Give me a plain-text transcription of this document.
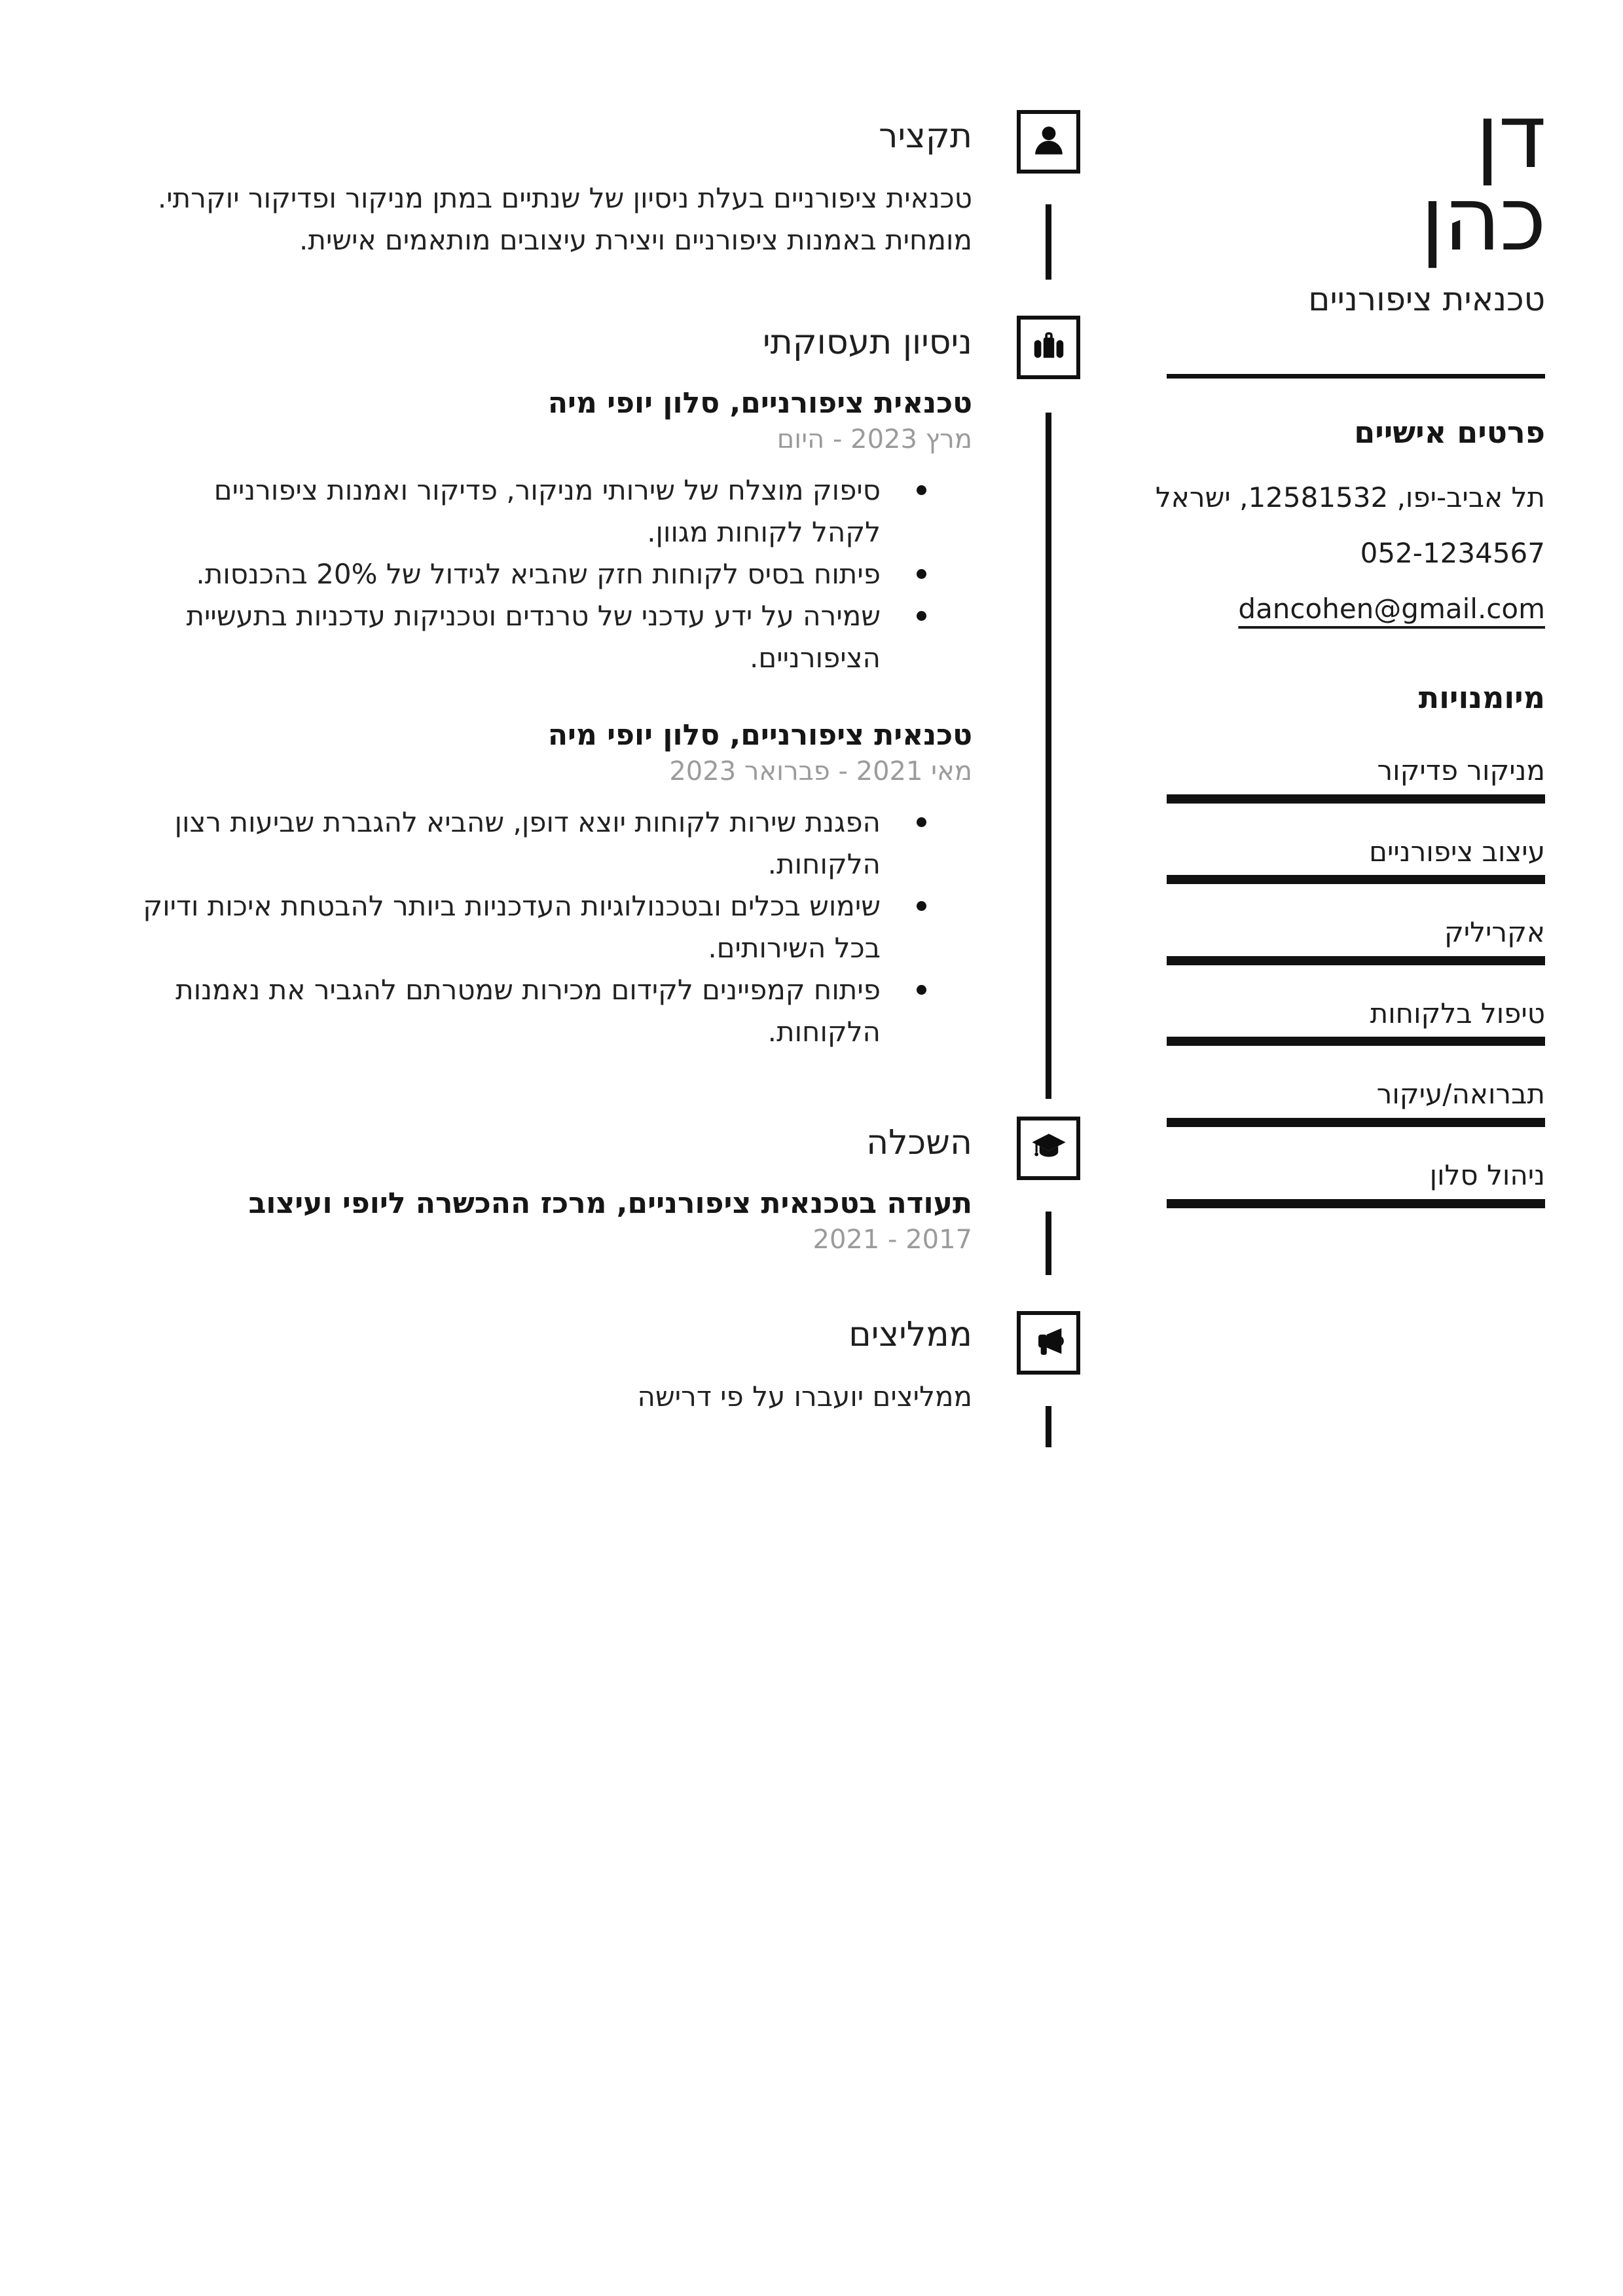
דן
כהן
טכנאית ציפורניים
פרטים אישיים
תל אביב-יפו, 12581532, ישראל
052-1234567
dancohen@gmail.com
מיומנויות
מניקור פדיקור
עיצוב ציפורניים
אקריליק
טיפול בלקוחות
תברואה/עיקור
ניהול סלון
תקציר
טכנאית ציפורניים בעלת ניסיון של שנתיים במתן מניקור ופדיקור יוקרתי. מומחית באמנות ציפורניים ויצירת עיצובים מותאמים אישית.
ניסיון תעסוקתי
טכנאית ציפורניים, סלון יופי מיה
מרץ 2023 - היום
סיפוק מוצלח של שירותי מניקור, פדיקור ואמנות ציפורניים לקהל לקוחות מגוון.
פיתוח בסיס לקוחות חזק שהביא לגידול של 20% בהכנסות.
שמירה על ידע עדכני של טרנדים וטכניקות עדכניות בתעשיית הציפורניים.
טכנאית ציפורניים, סלון יופי מיה
מאי 2021 - פברואר 2023
הפגנת שירות לקוחות יוצא דופן, שהביא להגברת שביעות רצון הלקוחות.
שימוש בכלים ובטכנולוגיות העדכניות ביותר להבטחת איכות ודיוק בכל השירותים.
פיתוח קמפיינים לקידום מכירות שמטרתם להגביר את נאמנות הלקוחות.
השכלה
תעודה בטכנאית ציפורניים, מרכז ההכשרה ליופי ועיצוב
2017 - 2021
ממליצים
ממליצים יועברו על פי דרישה
